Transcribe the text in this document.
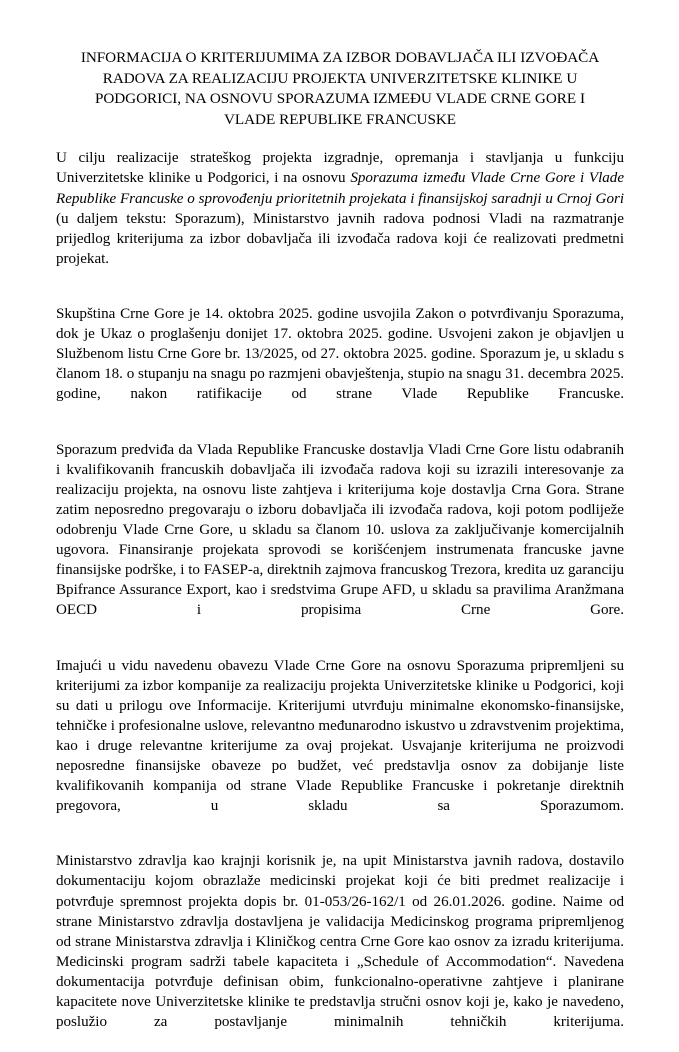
INFORMACIJA O KRITERIJUMIMA ZA IZBOR DOBAVLJAČA ILI IZVOĐAČA RADOVA ZA REALIZACIJU PROJEKTA UNIVERZITETSKE KLINIKE U PODGORICI, NA OSNOVU SPORAZUMA IZMEĐU VLADE CRNE GORE I VLADE REPUBLIKE FRANCUSKE

U cilju realizacije strateškog projekta izgradnje, opremanja i stavljanja u funkciju Univerzitetske klinike u Podgorici, i na osnovu Sporazuma između Vlade Crne Gore i Vlade Republike Francuske o sprovođenju prioritetnih projekata i finansijskoj saradnji u Crnoj Gori (u daljem tekstu: Sporazum), Ministarstvo javnih radova podnosi Vladi na razmatranje prijedlog kriterijuma za izbor dobavljača ili izvođača radova koji će realizovati predmetni projekat.

Skupština Crne Gore je 14. oktobra 2025. godine usvojila Zakon o potvrđivanju Sporazuma, dok je Ukaz o proglašenju donijet 17. oktobra 2025. godine. Usvojeni zakon je objavljen u Službenom listu Crne Gore br. 13/2025, od 27. oktobra 2025. godine. Sporazum je, u skladu s članom 18. o stupanju na snagu po razmjeni obavještenja, stupio na snagu 31. decembra 2025. godine, nakon ratifikacije od strane Vlade Republike Francuske.

Sporazum predviđa da Vlada Republike Francuske dostavlja Vladi Crne Gore listu odabranih i kvalifikovanih francuskih dobavljača ili izvođača radova koji su izrazili interesovanje za realizaciju projekta, na osnovu liste zahtjeva i kriterijuma koje dostavlja Crna Gora. Strane zatim neposredno pregovaraju o izboru dobavljača ili izvođača radova, koji potom podliježe odobrenju Vlade Crne Gore, u skladu sa članom 10. uslova za zaključivanje komercijalnih ugovora. Finansiranje projekata sprovodi se korišćenjem instrumenata francuske javne finansijske podrške, i to FASEP-a, direktnih zajmova francuskog Trezora, kredita uz garanciju Bpifrance Assurance Export, kao i sredstvima Grupe AFD, u skladu sa pravilima Aranžmana OECD i propisima Crne Gore.

Imajući u vidu navedenu obavezu Vlade Crne Gore na osnovu Sporazuma pripremljeni su kriterijumi za izbor kompanije za realizaciju projekta Univerzitetske klinike u Podgorici, koji su dati u prilogu ove Informacije. Kriterijumi utvrđuju minimalne ekonomsko-finansijske, tehničke i profesionalne uslove, relevantno međunarodno iskustvo u zdravstvenim projektima, kao i druge relevantne kriterijume za ovaj projekat. Usvajanje kriterijuma ne proizvodi neposredne finansijske obaveze po budžet, već predstavlja osnov za dobijanje liste kvalifikovanih kompanija od strane Vlade Republike Francuske i pokretanje direktnih pregovora, u skladu sa Sporazumom.

Ministarstvo zdravlja kao krajnji korisnik je, na upit Ministarstva javnih radova, dostavilo dokumentaciju kojom obrazlaže medicinski projekat koji će biti predmet realizacije i potvrđuje spremnost projekta dopis br. 01-053/26-162/1 od 26.01.2026. godine. Naime od strane Ministarstvo zdravlja dostavljena je validacija Medicinskog programa pripremljenog od strane Ministarstva zdravlja i Kliničkog centra Crne Gore kao osnov za izradu kriterijuma. Medicinski program sadrži tabele kapaciteta i „Schedule of Accommodation“. Navedena dokumentacija potvrđuje definisan obim, funkcionalno-operativne zahtjeve i planirane kapacitete nove Univerzitetske klinike te predstavlja stručni osnov koji je, kako je navedeno, poslužio za postavljanje minimalnih tehničkih kriterijuma.
